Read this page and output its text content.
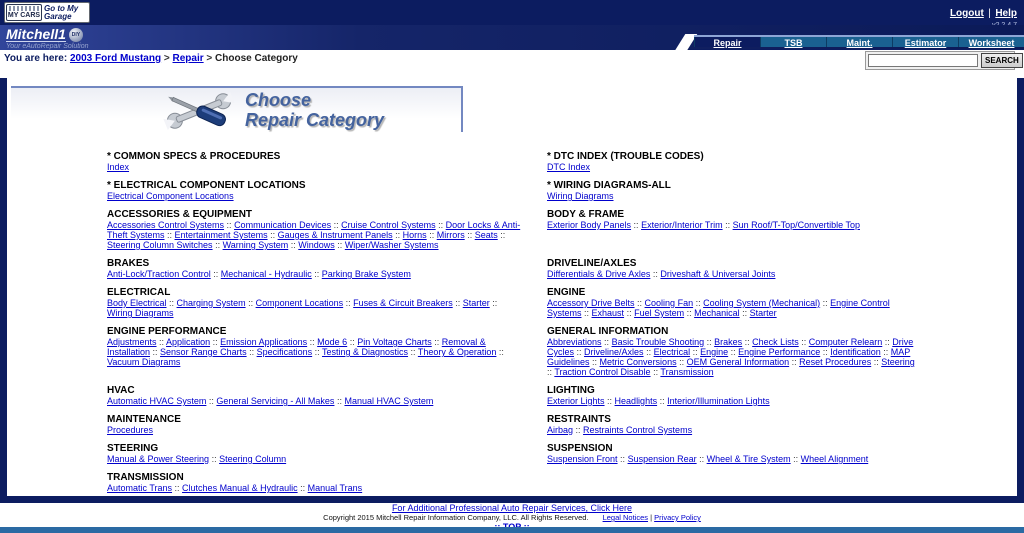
MY CARS
Go to My Garage	Logout | Help
Mitchell1	DIY
Your eAutoRepair Solution	Repair	TSB	Maint.	Estimator	Worksheet
You are here: 2003 Ford Mustang > Repair > Choose Category	SEARCH
Choose
Repair Category
* COMMON SPECS & PROCEDURES
Index
* DTC INDEX (TROUBLE CODES)
DTC Index
* ELECTRICAL COMPONENT LOCATIONS
Electrical Component Locations
* WIRING DIAGRAMS-ALL
Wiring Diagrams
ACCESSORIES & EQUIPMENT
Accessories Control Systems :: Communication Devices :: Cruise Control Systems :: Door Locks & Anti-Theft Systems :: Entertainment Systems :: Gauges & Instrument Panels :: Horns :: Mirrors :: Seats :: Steering Column Switches :: Warning System :: Windows :: Wiper/Washer Systems
BODY & FRAME
Exterior Body Panels :: Exterior/Interior Trim :: Sun Roof/T-Top/Convertible Top
BRAKES
Anti-Lock/Traction Control :: Mechanical - Hydraulic :: Parking Brake System
DRIVELINE/AXLES
Differentials & Drive Axles :: Driveshaft & Universal Joints
ELECTRICAL
Body Electrical :: Charging System :: Component Locations :: Fuses & Circuit Breakers :: Starter :: Wiring Diagrams
ENGINE
Accessory Drive Belts :: Cooling Fan :: Cooling System (Mechanical) :: Engine Control Systems :: Exhaust :: Fuel System :: Mechanical :: Starter
ENGINE PERFORMANCE
Adjustments :: Application :: Emission Applications :: Mode 6 :: Pin Voltage Charts :: Removal & Installation :: Sensor Range Charts :: Specifications :: Testing & Diagnostics :: Theory & Operation :: Vacuum Diagrams
GENERAL INFORMATION
Abbreviations :: Basic Trouble Shooting :: Brakes :: Check Lists :: Computer Relearn :: Drive Cycles :: Driveline/Axles :: Electrical :: Engine :: Engine Performance :: Identification :: MAP Guidelines :: Metric Conversions :: OEM General Information :: Reset Procedures :: Steering :: Traction Control Disable :: Transmission
HVAC
Automatic HVAC System :: General Servicing - All Makes :: Manual HVAC System
LIGHTING
Exterior Lights :: Headlights :: Interior/Illumination Lights
MAINTENANCE
Procedures
RESTRAINTS
Airbag :: Restraints Control Systems
STEERING
Manual & Power Steering :: Steering Column
SUSPENSION
Suspension Front :: Suspension Rear :: Wheel & Tire System :: Wheel Alignment
TRANSMISSION
Automatic Trans :: Clutches Manual & Hydraulic :: Manual Trans
For Additional Professional Auto Repair Services, Click Here
Copyright 2015 Mitchell Repair Information Company, LLC. All Rights Reserved. Legal Notices | Privacy Policy
